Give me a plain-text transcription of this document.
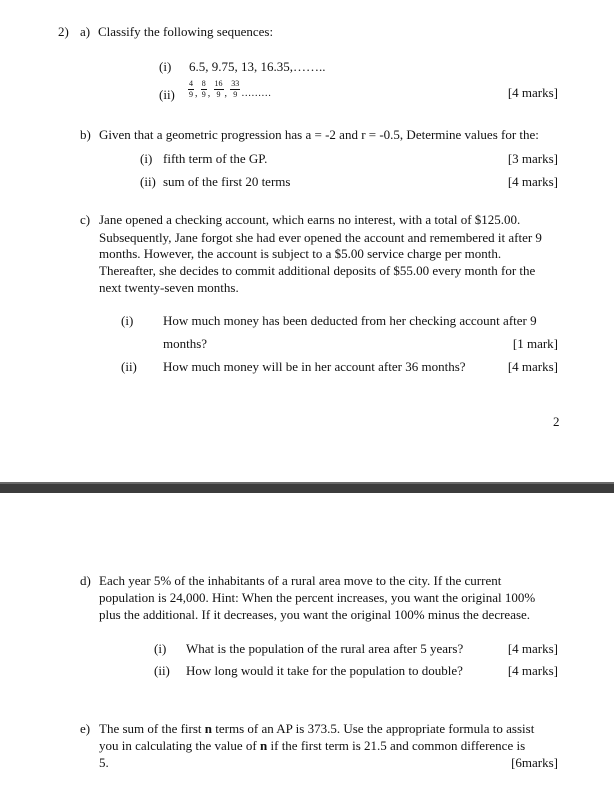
2) a) Classify the following sequences:
(i) 6.5, 9.75, 13, 16.35,……..
$(ii) \frac{4}{9}$ , $\frac{8}{9}$ , $\frac{16}{9}$ , $\frac{33}{9}$ ………	[4 marks]
b) Given that a geometric progression has a = -2 and r = -0.5, Determine values for the:
(i) fifth term of the GP.	[3 marks]
(ii) sum of the first 20 terms	[4 marks]
c) Jane opened a checking account, which earns no interest, with a total of $125.00.
Subsequently, Jane forgot she had ever opened the account and remembered it after 9
months. However, the account is subject to a $5.00 service charge per month.
Thereafter, she decides to commit additional deposits of $55.00 every month for the
next twenty-seven months.
(i) How much money has been deducted from her checking account after 9
months?	[1 mark]
(ii) How much money will be in her account after 36 months?	[4 marks]
2
d) Each year 5% of the inhabitants of a rural area move to the city. If the current
population is 24,000. Hint: When the percent increases, you want the original 100%
plus the additional. If it decreases, you want the original 100% minus the decrease.
(i) What is the population of the rural area after 5 years?	[4 marks]
(ii) How long would it take for the population to double?	[4 marks]
e) The sum of the first n terms of an AP is 373.5. Use the appropriate formula to assist
you in calculating the value of n if the first term is 21.5 and common difference is
5.	[6marks]
